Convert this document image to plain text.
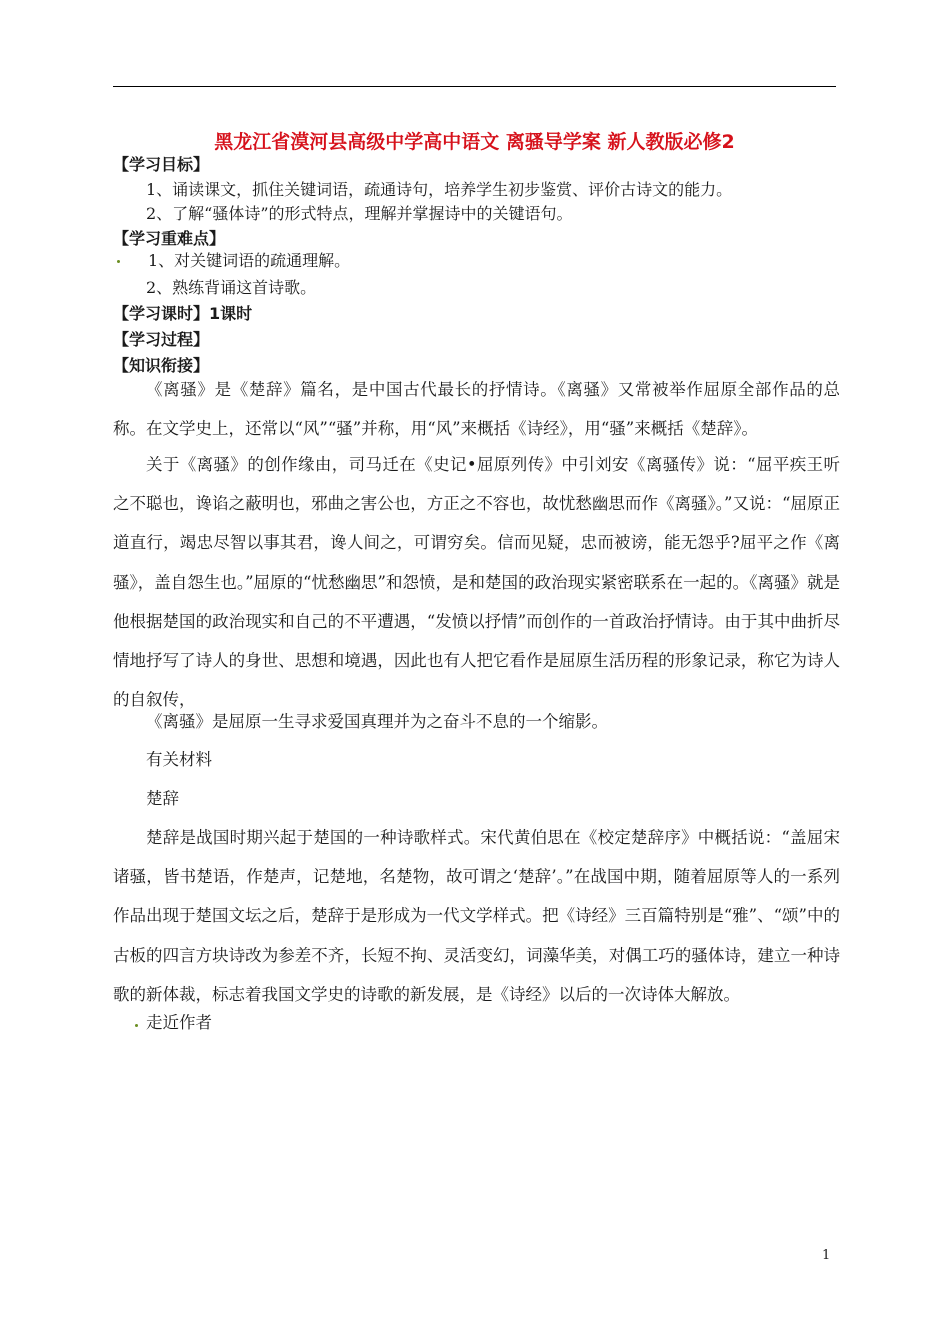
黑龙江省漠河县高级中学高中语文 离骚导学案 新人教版必修2
【学习目标】
1、诵读课文，抓住关键词语，疏通诗句，培养学生初步鉴赏、评价古诗文的能力。
2、了解“骚体诗”的形式特点，理解并掌握诗中的关键语句。
【学习重难点】
1、对关键词语的疏通理解。
2、熟练背诵这首诗歌。
【学习课时】1课时
【学习过程】
【知识衔接】
《离骚》是《楚辞》篇名，是中国古代最长的抒情诗。《离骚》又常被举作屈原全部作品的总称。在文学史上，还常以“风”“骚”并称，用“风”来概括《诗经》，用“骚”来概括《楚辞》。
关于《离骚》的创作缘由，司马迁在《史记•屈原列传》中引刘安《离骚传》说：“屈平疾王听之不聪也，谗谄之蔽明也，邪曲之害公也，方正之不容也，故忧愁幽思而作《离骚》。”又说：“屈原正道直行，竭忠尽智以事其君，谗人间之，可谓穷矣。信而见疑，忠而被谤，能无怨乎?屈平之作《离骚》，盖自怨生也。”屈原的“忧愁幽思”和怨愤，是和楚国的政治现实紧密联系在一起的。《离骚》就是他根据楚国的政治现实和自己的不平遭遇，“发愤以抒情”而创作的一首政治抒情诗。由于其中曲折尽情地抒写了诗人的身世、思想和境遇，因此也有人把它看作是屈原生活历程的形象记录，称它为诗人的自叙传，
《离骚》是屈原一生寻求爱国真理并为之奋斗不息的一个缩影。
有关材料
楚辞
楚辞是战国时期兴起于楚国的一种诗歌样式。宋代黄伯思在《校定楚辞序》中概括说：“盖屈宋诸骚，皆书楚语，作楚声，记楚地，名楚物，故可谓之‘楚辞’。”在战国中期，随着屈原等人的一系列作品出现于楚国文坛之后，楚辞于是形成为一代文学样式。把《诗经》三百篇特别是“雅”、“颂”中的古板的四言方块诗改为参差不齐，长短不拘、灵活变幻，词藻华美，对偶工巧的骚体诗，建立一种诗歌的新体裁，标志着我国文学史的诗歌的新发展，是《诗经》以后的一次诗体大解放。
走近作者
1
